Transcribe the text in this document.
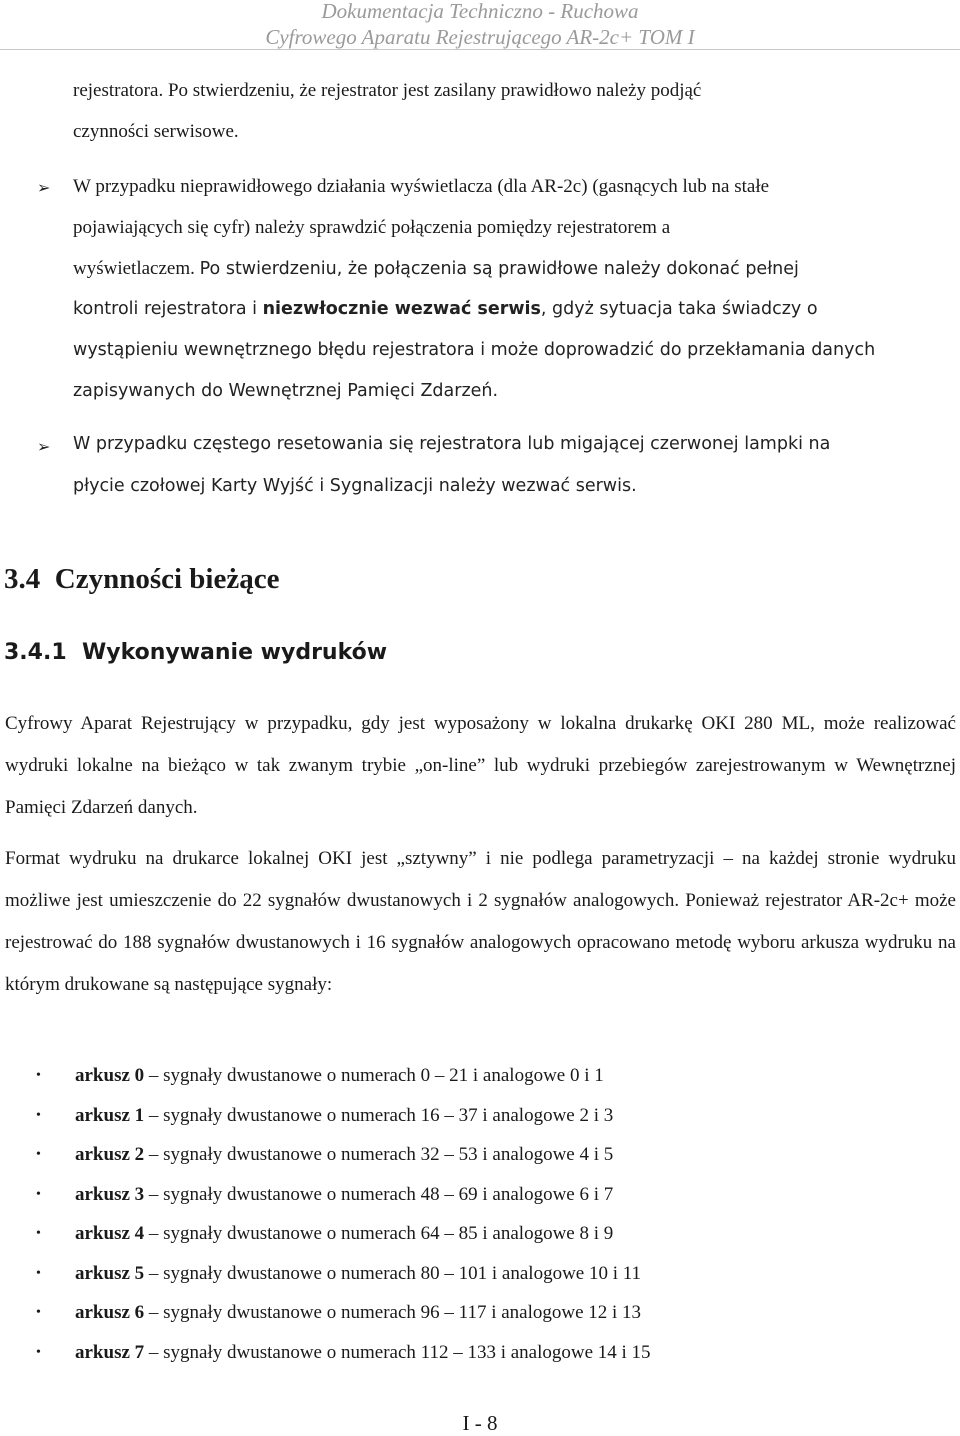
Dokumentacja Techniczno - Ruchowa
Cyfrowego Aparatu Rejestrującego AR-2c+ TOM I
rejestratora. Po stwierdzeniu, że rejestrator jest zasilany prawidłowo należy podjąć
czynności serwisowe.
➢ W przypadku nieprawidłowego działania wyświetlacza (dla AR-2c) (gasnących lub na stałe
pojawiających się cyfr) należy sprawdzić połączenia pomiędzy rejestratorem a
wyświetlaczem. Po stwierdzeniu, że połączenia są prawidłowe należy dokonać pełnej
kontroli rejestratora i niezwłocznie wezwać serwis, gdyż sytuacja taka świadczy o
wystąpieniu wewnętrznego błędu rejestratora i może doprowadzić do przekłamania danych
zapisywanych do Wewnętrznej Pamięci Zdarzeń.
➢ W przypadku częstego resetowania się rejestratora lub migającej czerwonej lampki na
płycie czołowej Karty Wyjść i Sygnalizacji należy wezwać serwis.
3.4  Czynności bieżące
3.4.1  Wykonywanie wydruków
Cyfrowy Aparat Rejestrujący w przypadku, gdy jest wyposażony w lokalna drukarkę OKI 280 ML, może realizować wydruki lokalne na bieżąco w tak zwanym trybie „on-line” lub wydruki przebiegów zarejestrowanym w Wewnętrznej Pamięci Zdarzeń danych.
Format wydruku na drukarce lokalnej OKI jest „sztywny” i nie podlega parametryzacji – na każdej stronie wydruku możliwe jest umieszczenie do 22 sygnałów dwustanowych i 2 sygnałów analogowych. Ponieważ rejestrator AR-2c+ może rejestrować do 188 sygnałów dwustanowych i 16 sygnałów analogowych opracowano metodę wyboru arkusza wydruku na którym drukowane są następujące sygnały:
• arkusz 0 – sygnały dwustanowe o numerach 0 – 21 i analogowe 0 i 1
• arkusz 1 – sygnały dwustanowe o numerach 16 – 37 i analogowe 2 i 3
• arkusz 2 – sygnały dwustanowe o numerach 32 – 53 i analogowe 4 i 5
• arkusz 3 – sygnały dwustanowe o numerach 48 – 69 i analogowe 6 i 7
• arkusz 4 – sygnały dwustanowe o numerach 64 – 85 i analogowe 8 i 9
• arkusz 5 – sygnały dwustanowe o numerach 80 – 101 i analogowe 10 i 11
• arkusz 6 – sygnały dwustanowe o numerach 96 – 117 i analogowe 12 i 13
• arkusz 7 – sygnały dwustanowe o numerach 112 – 133 i analogowe 14 i 15
I - 8
